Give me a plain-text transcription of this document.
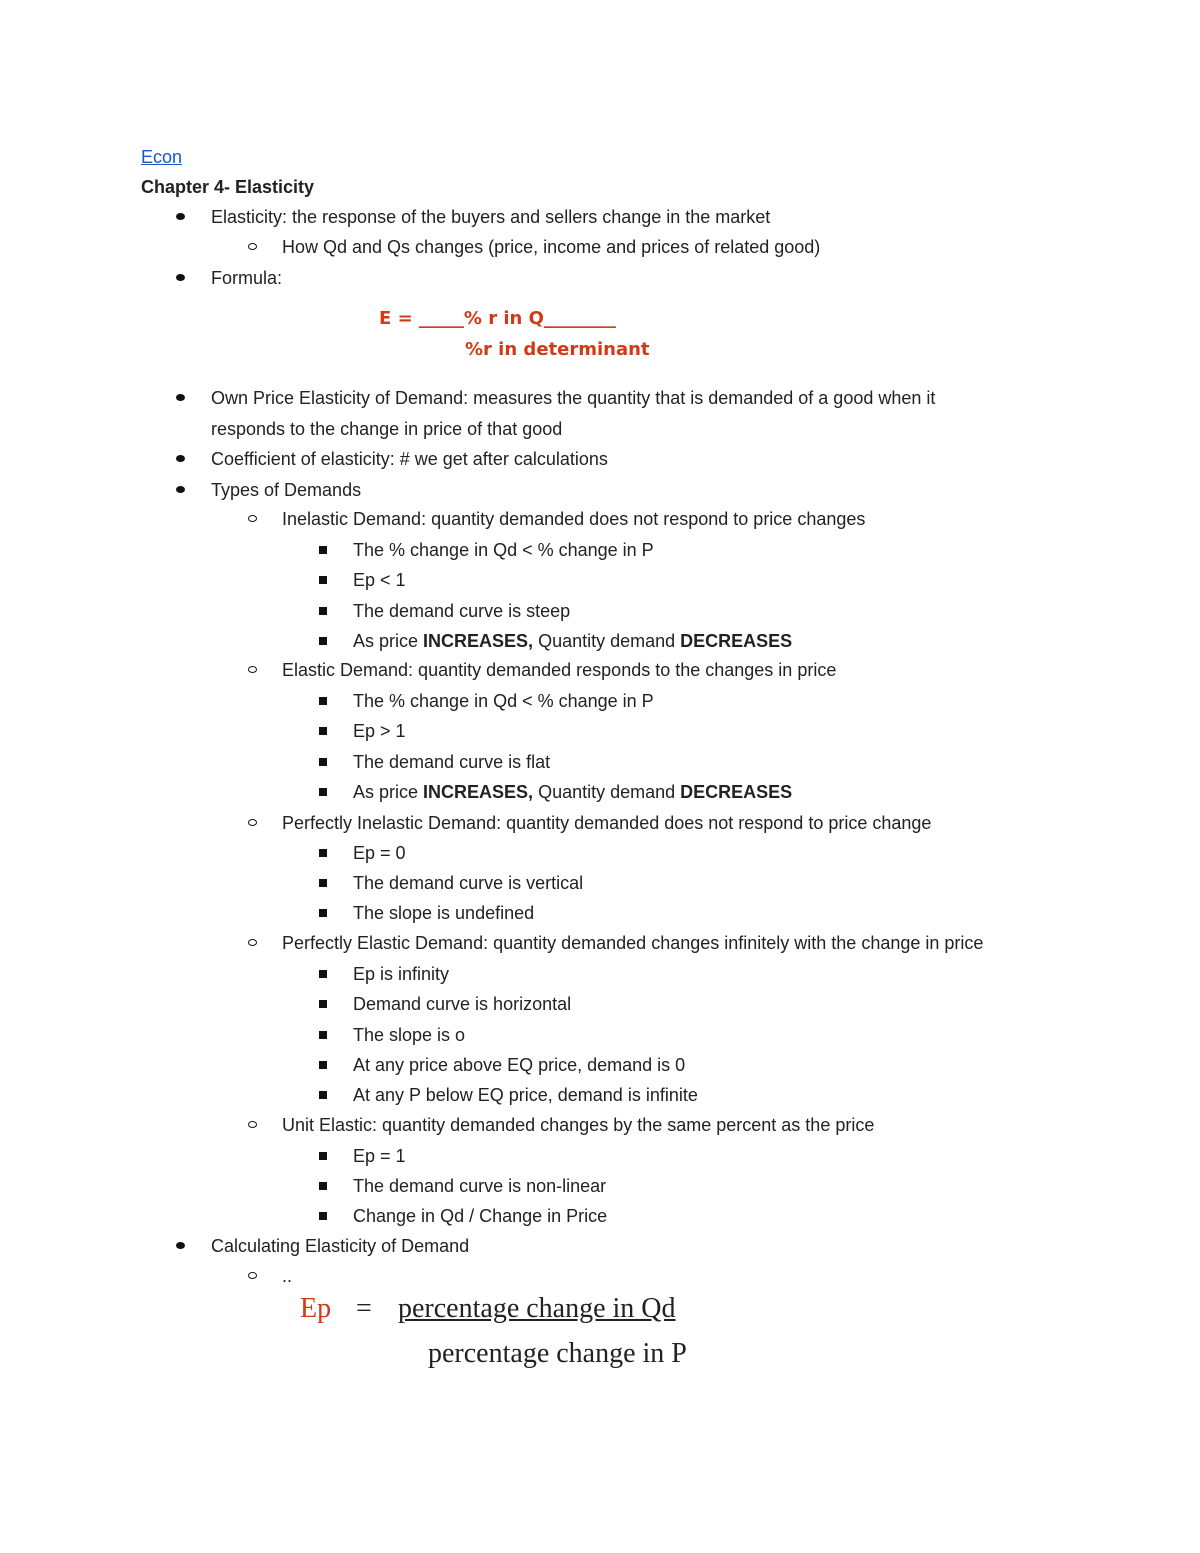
Econ
Chapter 4- Elasticity
Elasticity: the response of the buyers and sellers change in the market
How Qd and Qs changes (price, income and prices of related good)
Formula:
E = _____% r in Q________
%r in determinant
Own Price Elasticity of Demand: measures the quantity that is demanded of a good when it
responds to the change in price of that good
Coefficient of elasticity: # we get after calculations
Types of Demands
Inelastic Demand: quantity demanded does not respond to price changes
The % change in Qd < % change in P
Ep < 1
The demand curve is steep
As price INCREASES, Quantity demand DECREASES
Elastic Demand: quantity demanded responds to the changes in price
The % change in Qd < % change in P
Ep > 1
The demand curve is flat
As price INCREASES, Quantity demand DECREASES
Perfectly Inelastic Demand: quantity demanded does not respond to price change
Ep = 0
The demand curve is vertical
The slope is undefined
Perfectly Elastic Demand: quantity demanded changes infinitely with the change in price
Ep is infinity
Demand curve is horizontal
The slope is o
At any price above EQ price, demand is 0
At any P below EQ price, demand is infinite
Unit Elastic: quantity demanded changes by the same percent as the price
Ep = 1
The demand curve is non-linear
Change in Qd / Change in Price
Calculating Elasticity of Demand
..
Ep = percentage change in Qd
percentage change in P
